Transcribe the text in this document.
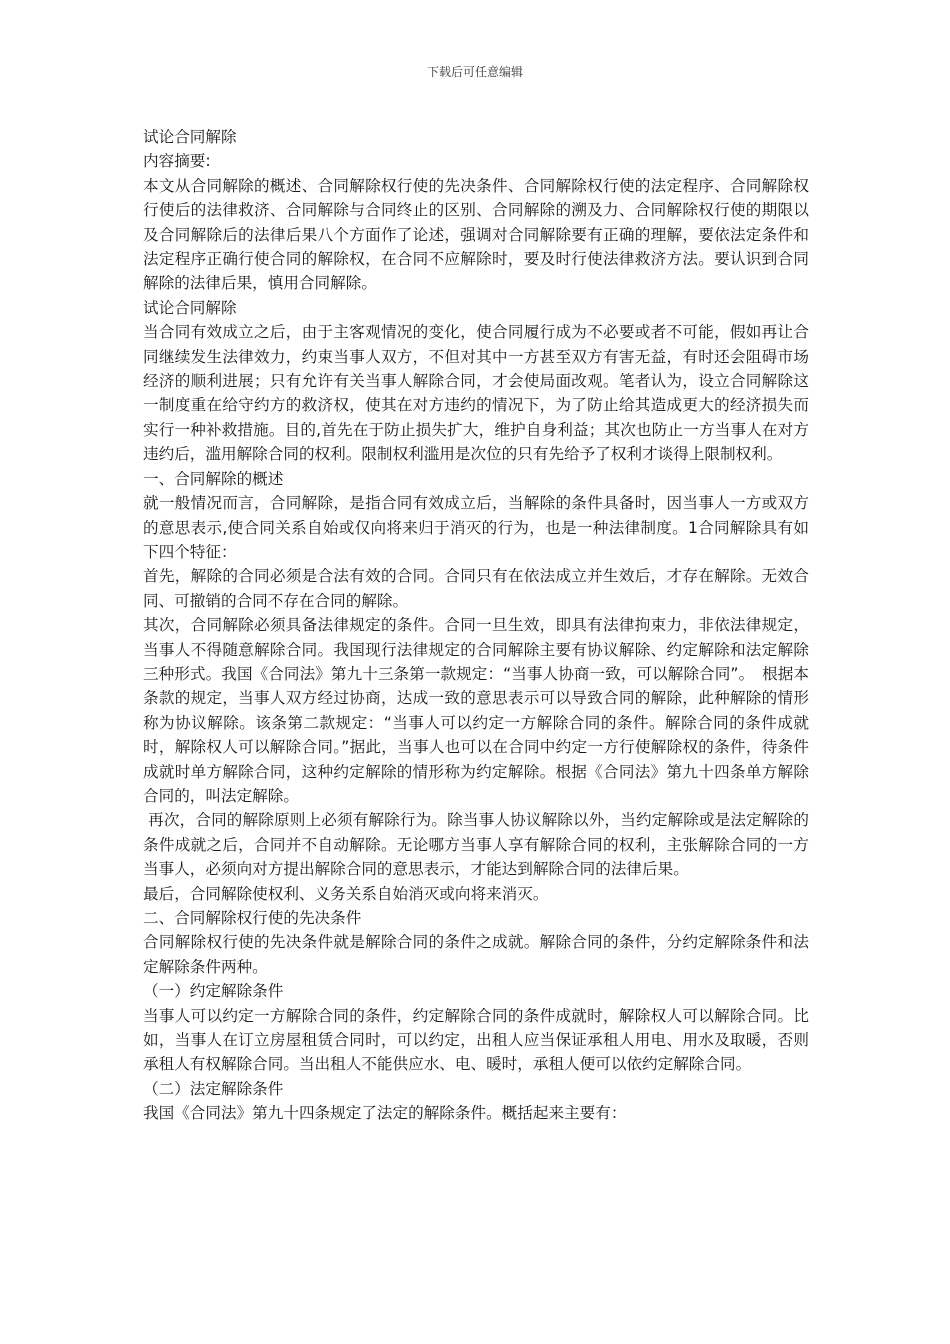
下载后可任意编辑

试论合同解除

内容摘要:

本文从合同解除的概述、合同解除权行使的先决条件、合同解除权行使的法定程序、合同解除权行使后的法律救济、合同解除与合同终止的区别、合同解除的溯及力、合同解除权行使的期限以及合同解除后的法律后果八个方面作了论述，强调对合同解除要有正确的理解，要依法定条件和法定程序正确行使合同的解除权，在合同不应解除时，要及时行使法律救济方法。要认识到合同解除的法律后果，慎用合同解除。

试论合同解除

当合同有效成立之后，由于主客观情况的变化，使合同履行成为不必要或者不可能，假如再让合同继续发生法律效力，约束当事人双方，不但对其中一方甚至双方有害无益，有时还会阻碍市场经济的顺利进展；只有允许有关当事人解除合同，才会使局面改观。笔者认为，设立合同解除这一制度重在给守约方的救济权，使其在对方违约的情况下，为了防止给其造成更大的经济损失而实行一种补救措施。目的,首先在于防止损失扩大，维护自身利益；其次也防止一方当事人在对方违约后，滥用解除合同的权利。限制权利滥用是次位的只有先给予了权利才谈得上限制权利。

一、合同解除的概述

就一般情况而言，合同解除，是指合同有效成立后，当解除的条件具备时，因当事人一方或双方的意思表示,使合同关系自始或仅向将来归于消灭的行为，也是一种法律制度。1合同解除具有如下四个特征：

首先，解除的合同必须是合法有效的合同。合同只有在依法成立并生效后，才存在解除。无效合同、可撤销的合同不存在合同的解除。

其次，合同解除必须具备法律规定的条件。合同一旦生效，即具有法律拘束力，非依法律规定，当事人不得随意解除合同。我国现行法律规定的合同解除主要有协议解除、约定解除和法定解除三种形式。我国《合同法》第九十三条第一款规定：“当事人协商一致，可以解除合同”。　根据本条款的规定，当事人双方经过协商，达成一致的意思表示可以导致合同的解除，此种解除的情形称为协议解除。该条第二款规定：“当事人可以约定一方解除合同的条件。解除合同的条件成就时，解除权人可以解除合同。”据此，当事人也可以在合同中约定一方行使解除权的条件，待条件成就时单方解除合同，这种约定解除的情形称为约定解除。根据《合同法》第九十四条单方解除合同的，叫法定解除。

再次，合同的解除原则上必须有解除行为。除当事人协议解除以外，当约定解除或是法定解除的条件成就之后，合同并不自动解除。无论哪方当事人享有解除合同的权利，主张解除合同的一方当事人，必须向对方提出解除合同的意思表示，才能达到解除合同的法律后果。

最后，合同解除使权利、义务关系自始消灭或向将来消灭。

二、合同解除权行使的先决条件

合同解除权行使的先决条件就是解除合同的条件之成就。解除合同的条件，分约定解除条件和法定解除条件两种。

（一）约定解除条件

当事人可以约定一方解除合同的条件，约定解除合同的条件成就时，解除权人可以解除合同。比如，当事人在订立房屋租赁合同时，可以约定，出租人应当保证承租人用电、用水及取暖，否则承租人有权解除合同。当出租人不能供应水、电、暖时，承租人便可以依约定解除合同。

（二）法定解除条件

我国《合同法》第九十四条规定了法定的解除条件。概括起来主要有：
